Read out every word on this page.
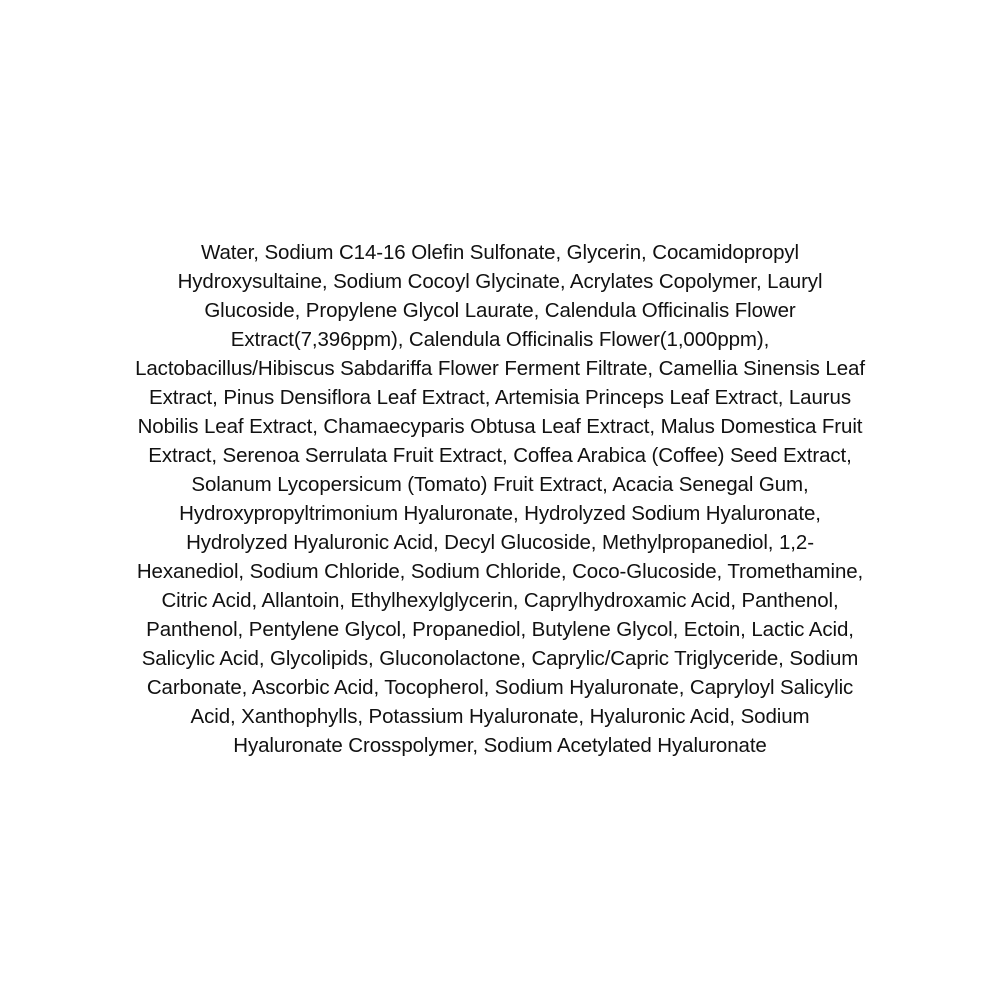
Water, Sodium C14-16 Olefin Sulfonate, Glycerin, Cocamidopropyl
Hydroxysultaine, Sodium Cocoyl Glycinate, Acrylates Copolymer, Lauryl
Glucoside, Propylene Glycol Laurate, Calendula Officinalis Flower
Extract(7,396ppm), Calendula Officinalis Flower(1,000ppm),
Lactobacillus/Hibiscus Sabdariffa Flower Ferment Filtrate, Camellia Sinensis Leaf
Extract, Pinus Densiflora Leaf Extract, Artemisia Princeps Leaf Extract, Laurus
Nobilis Leaf Extract, Chamaecyparis Obtusa Leaf Extract, Malus Domestica Fruit
Extract, Serenoa Serrulata Fruit Extract, Coffea Arabica (Coffee) Seed Extract,
Solanum Lycopersicum (Tomato) Fruit Extract, Acacia Senegal Gum,
Hydroxypropyltrimonium Hyaluronate, Hydrolyzed Sodium Hyaluronate,
Hydrolyzed Hyaluronic Acid, Decyl Glucoside, Methylpropanediol, 1,2-
Hexanediol, Sodium Chloride, Sodium Chloride, Coco-Glucoside, Tromethamine,
Citric Acid, Allantoin, Ethylhexylglycerin, Caprylhydroxamic Acid, Panthenol,
Panthenol, Pentylene Glycol, Propanediol, Butylene Glycol, Ectoin, Lactic Acid,
Salicylic Acid, Glycolipids, Gluconolactone, Caprylic/Capric Triglyceride, Sodium
Carbonate, Ascorbic Acid, Tocopherol, Sodium Hyaluronate, Capryloyl Salicylic
Acid, Xanthophylls, Potassium Hyaluronate, Hyaluronic Acid, Sodium
Hyaluronate Crosspolymer, Sodium Acetylated Hyaluronate
